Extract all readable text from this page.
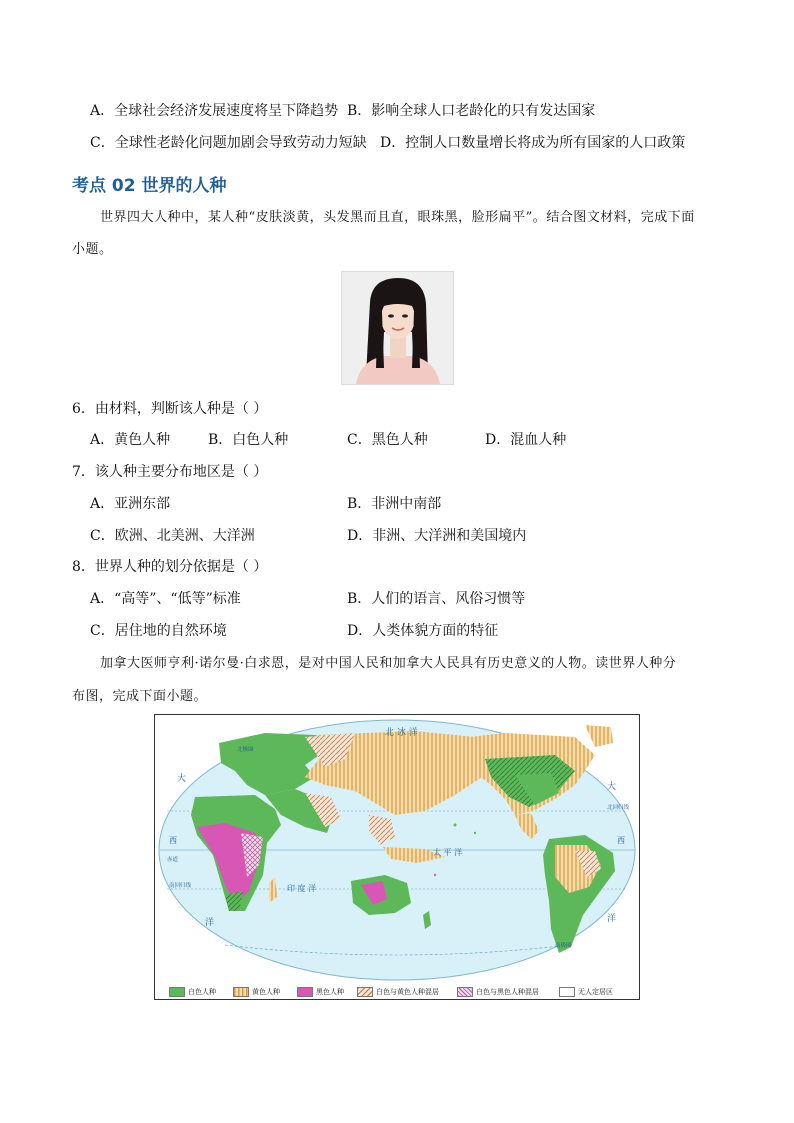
A．全球社会经济发展速度将呈下降趋势 B．影响全球人口老龄化的只有发达国家
C．全球性老龄化问题加剧会导致劳动力短缺 D．控制人口数量增长将成为所有国家的人口政策
考点 02 世界的人种
世界四大人种中，某人种“皮肤淡黄，头发黑而且直，眼珠黑，脸形扁平”。结合图文材料，完成下面
小题。
6．由材料，判断该人种是（ ）
A．黄色人种	B．白色人种	C．黑色人种	D．混血人种
7．该人种主要分布地区是（ ）
A．亚洲东部	B．非洲中南部
C．欧洲、北美洲、大洋洲	D．非洲、大洋洲和美国境内
8．世界人种的划分依据是（ ）
A．“高等”、“低等”标准	B．人们的语言、风俗习惯等
C．居住地的自然环境	D．人类体貌方面的特征
加拿大医师亨利·诺尔曼·白求恩，是对中国人民和加拿大人民具有历史意义的人物。读世界人种分
布图，完成下面小题。
北 冰 洋
太 平 洋
印 度 洋
大
大
西	西
洋	洋
北极圈
南极圈
赤道
北回归线
南回归线
白色人种	黄色人种	黑色人种	白色与黄色人种混居	白色与黑色人种混居	无人定居区
